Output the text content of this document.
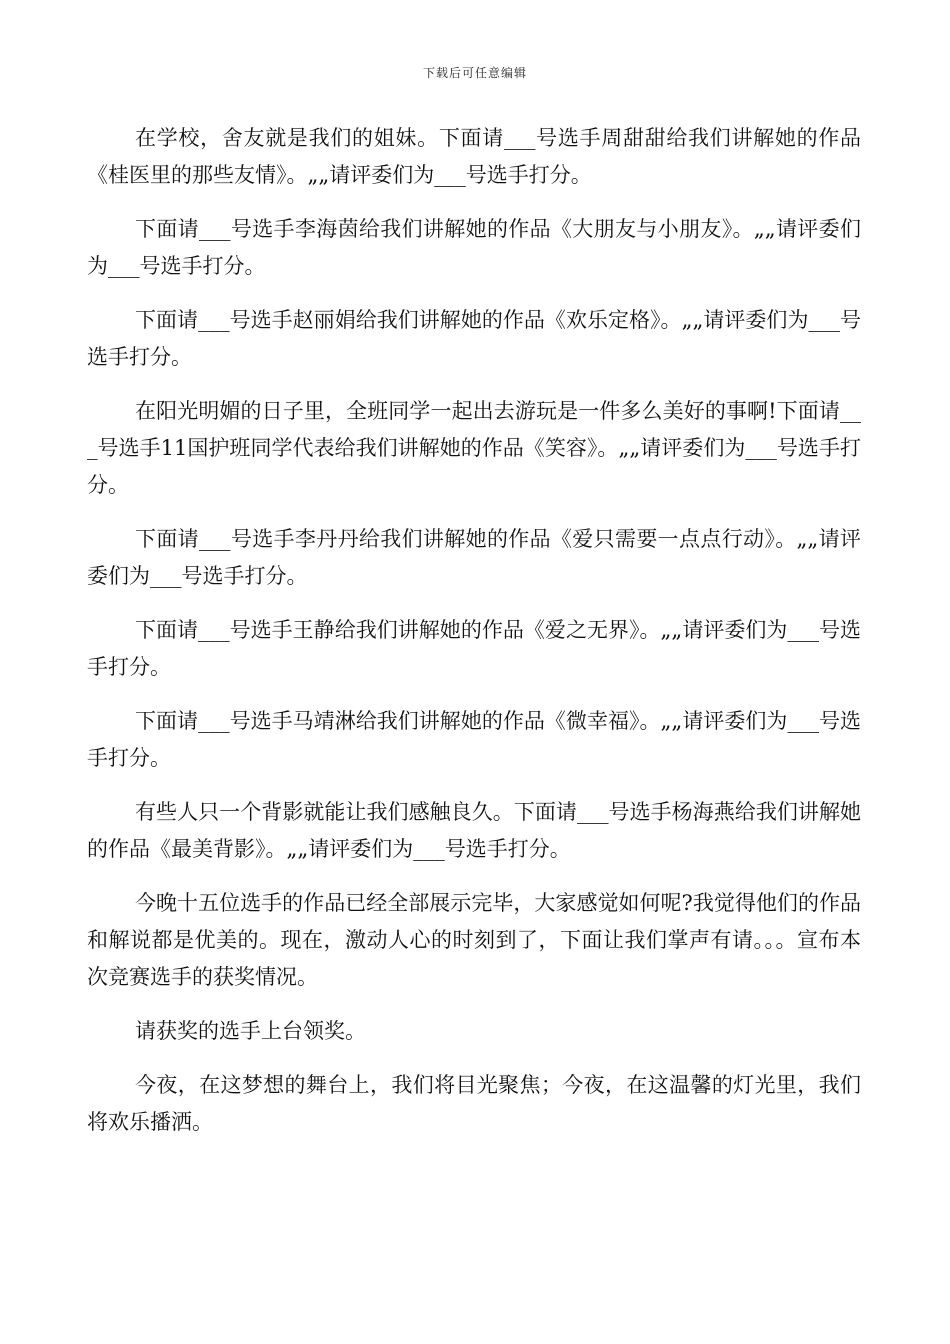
下载后可任意编辑

在学校，舍友就是我们的姐妹。下面请___号选手周甜甜给我们讲解她的作品《桂医里的那些友情》。„„请评委们为___号选手打分。

下面请___号选手李海茵给我们讲解她的作品《大朋友与小朋友》。„„请评委们为___号选手打分。

下面请___号选手赵丽娟给我们讲解她的作品《欢乐定格》。„„请评委们为___号选手打分。

在阳光明媚的日子里，全班同学一起出去游玩是一件多么美好的事啊!下面请___号选手11国护班同学代表给我们讲解她的作品《笑容》。„„请评委们为___号选手打分。

下面请___号选手李丹丹给我们讲解她的作品《爱只需要一点点行动》。„„请评委们为___号选手打分。

下面请___号选手王静给我们讲解她的作品《爱之无界》。„„请评委们为___号选手打分。

下面请___号选手马靖淋给我们讲解她的作品《微幸福》。„„请评委们为___号选手打分。

有些人只一个背影就能让我们感触良久。下面请___号选手杨海燕给我们讲解她的作品《最美背影》。„„请评委们为___号选手打分。

今晚十五位选手的作品已经全部展示完毕，大家感觉如何呢?我觉得他们的作品和解说都是优美的。现在，激动人心的时刻到了，下面让我们掌声有请。。。宣布本次竞赛选手的获奖情况。

请获奖的选手上台领奖。

今夜，在这梦想的舞台上，我们将目光聚焦；今夜，在这温馨的灯光里，我们将欢乐播洒。
